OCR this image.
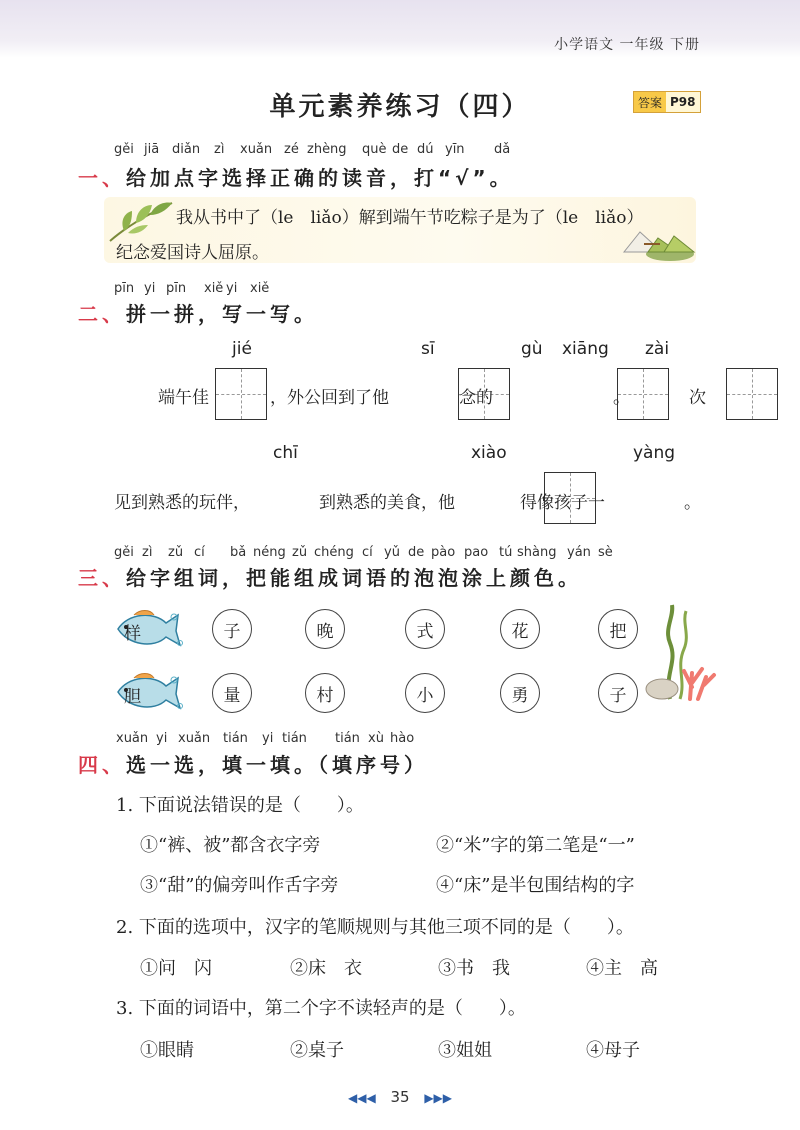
小学语文 一年级 下册
单元素养练习（四）	答案 P98
gěi jiā diǎn zì xuǎn zé zhèng què de dú yīn dǎ
一、给加点字选择正确的读音，打“√”。
我从书中了（le　liǎo）解到端午节吃粽子是为了（le　liǎo）
纪念爱国诗人屈原。
pīn yi pīn xiě yi xiě
二、拼一拼，写一写。
jié	sī	gù xiāng zài
端午佳
	，外公回到了他
	念的
	。
	次
chī	xiào	yàng
见到熟悉的玩伴，
	到熟悉的美食，他
	得像孩子一	。
gěi zì zǔ cí bǎ néng zǔ chéng cí yǔ de pào pao tú shàng yán sè
三、给字组词，把能组成词语的泡泡涂上颜色。
样	子	晚	式	花	把
胆	量	村	小	勇	子
xuǎn yi xuǎn tián yi tián tián xù hào
四、选一选，填一填。（填序号）
1. 下面说法错误的是（　　）。
①“裤、被”都含衣字旁	②“米”字的第二笔是“一”
③“甜”的偏旁叫作舌字旁	④“床”是半包围结构的字
2. 下面的选项中，汉字的笔顺规则与其他三项不同的是（　　）。
①问　闪	②床　衣	③书　我	④主　高
3. 下面的词语中，第二个字不读轻声的是（　　）。
①眼睛	②桌子	③姐姐	④母子
◀◀◀ 35 ▶▶▶
